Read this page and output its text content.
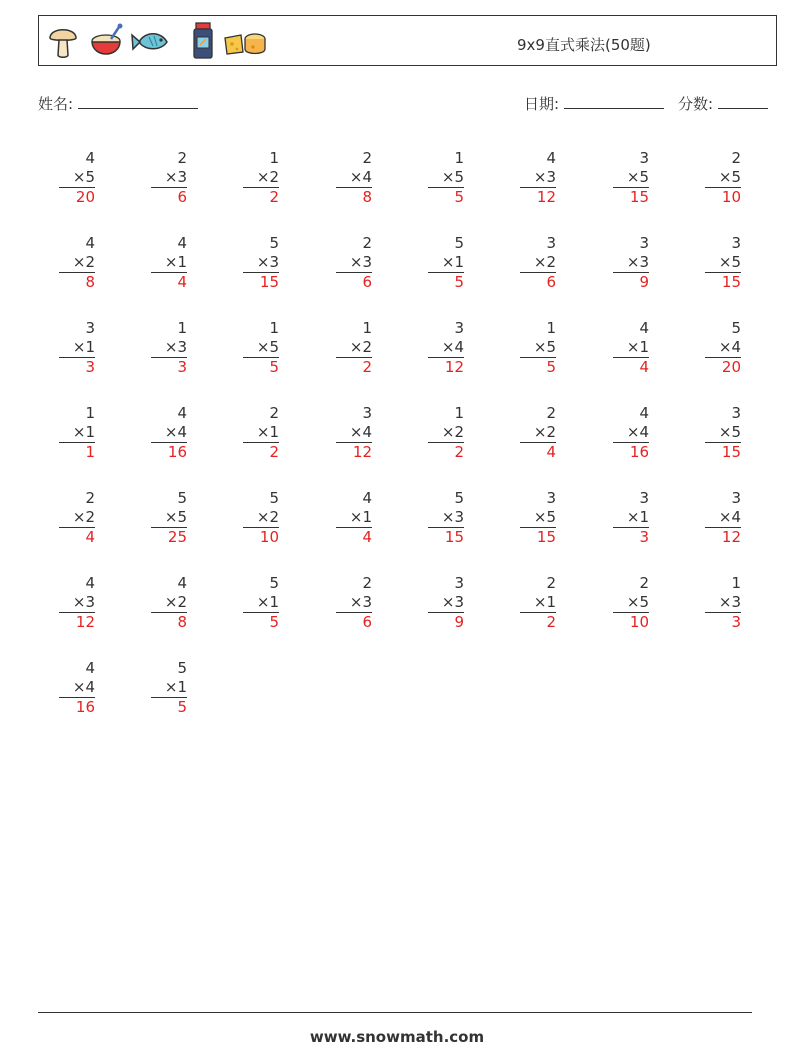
9x9直式乘法(50题)
姓名:	日期:	分数:
4
×5
20
2
×3
6
1
×2
2
2
×4
8
1
×5
5
4
×3
12
3
×5
15
2
×5
10
4
×2
8
4
×1
4
5
×3
15
2
×3
6
5
×1
5
3
×2
6
3
×3
9
3
×5
15
3
×1
3
1
×3
3
1
×5
5
1
×2
2
3
×4
12
1
×5
5
4
×1
4
5
×4
20
1
×1
1
4
×4
16
2
×1
2
3
×4
12
1
×2
2
2
×2
4
4
×4
16
3
×5
15
2
×2
4
5
×5
25
5
×2
10
4
×1
4
5
×3
15
3
×5
15
3
×1
3
3
×4
12
4
×3
12
4
×2
8
5
×1
5
2
×3
6
3
×3
9
2
×1
2
2
×5
10
1
×3
3
4
×4
16
5
×1
5
www.snowmath.com
